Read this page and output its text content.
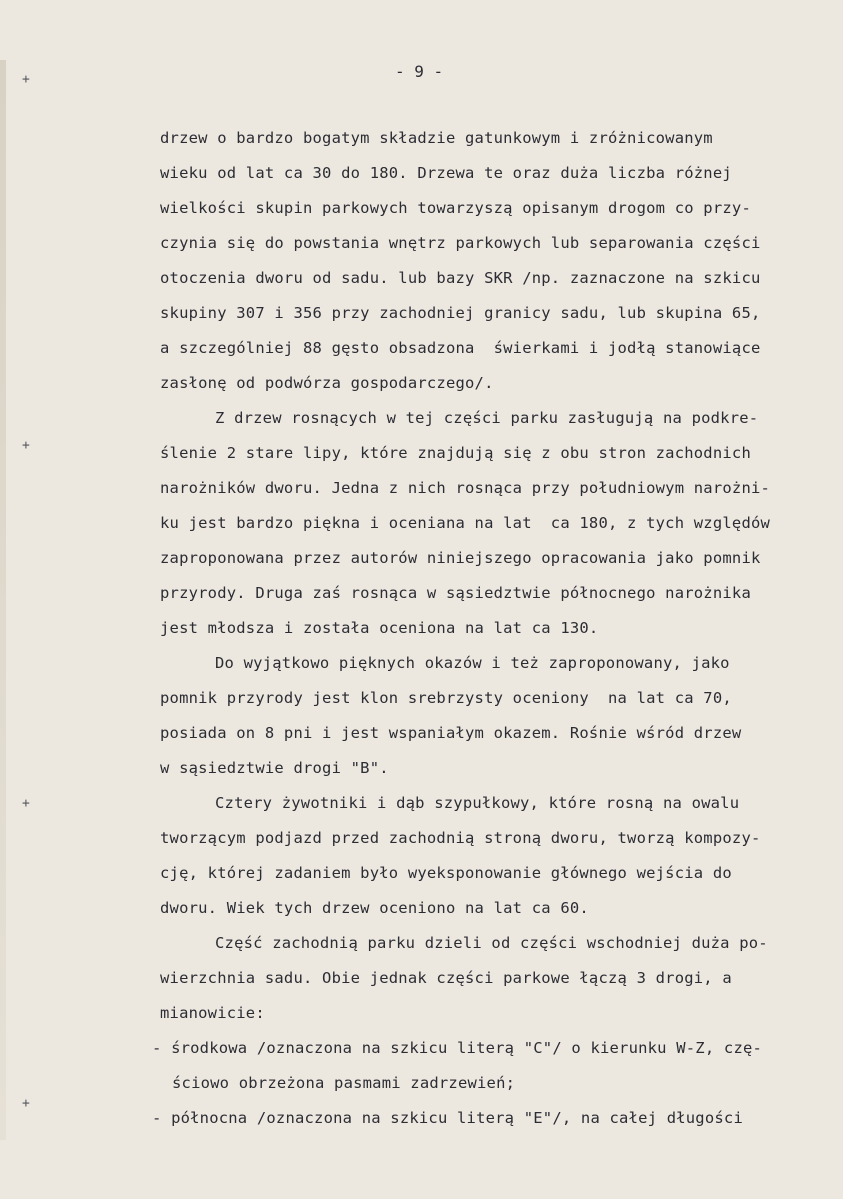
- 9 -
+
+
+
+
drzew o bardzo bogatym składzie gatunkowym i zróżnicowanym
wieku od lat ca 30 do 180. Drzewa te oraz duża liczba różnej
wielkości skupin parkowych towarzyszą opisanym drogom co przy-
czynia się do powstania wnętrz parkowych lub separowania części
otoczenia dworu od sadu. lub bazy SKR /np. zaznaczone na szkicu
skupiny 307 i 356 przy zachodniej granicy sadu, lub skupina 65,
a szczególniej 88 gęsto obsadzona  świerkami i jodłą stanowiące
zasłonę od podwórza gospodarczego/.
Z drzew rosnących w tej części parku zasługują na podkre-
ślenie 2 stare lipy, które znajdują się z obu stron zachodnich
narożników dworu. Jedna z nich rosnąca przy południowym narożni-
ku jest bardzo piękna i oceniana na lat  ca 180, z tych względów
zaproponowana przez autorów niniejszego opracowania jako pomnik
przyrody. Druga zaś rosnąca w sąsiedztwie północnego narożnika
jest młodsza i została oceniona na lat ca 130.
Do wyjątkowo pięknych okazów i też zaproponowany, jako
pomnik przyrody jest klon srebrzysty oceniony  na lat ca 70,
posiada on 8 pni i jest wspaniałym okazem. Rośnie wśród drzew
w sąsiedztwie drogi "B".
Cztery żywotniki i dąb szypułkowy, które rosną na owalu
tworzącym podjazd przed zachodnią stroną dworu, tworzą kompozy-
cję, której zadaniem było wyeksponowanie głównego wejścia do
dworu. Wiek tych drzew oceniono na lat ca 60.
Część zachodnią parku dzieli od części wschodniej duża po-
wierzchnia sadu. Obie jednak części parkowe łączą 3 drogi, a
mianowicie:
- środkowa /oznaczona na szkicu literą "C"/ o kierunku W-Z, czę-
ściowo obrzeżona pasmami zadrzewień;
- północna /oznaczona na szkicu literą "E"/, na całej długości
